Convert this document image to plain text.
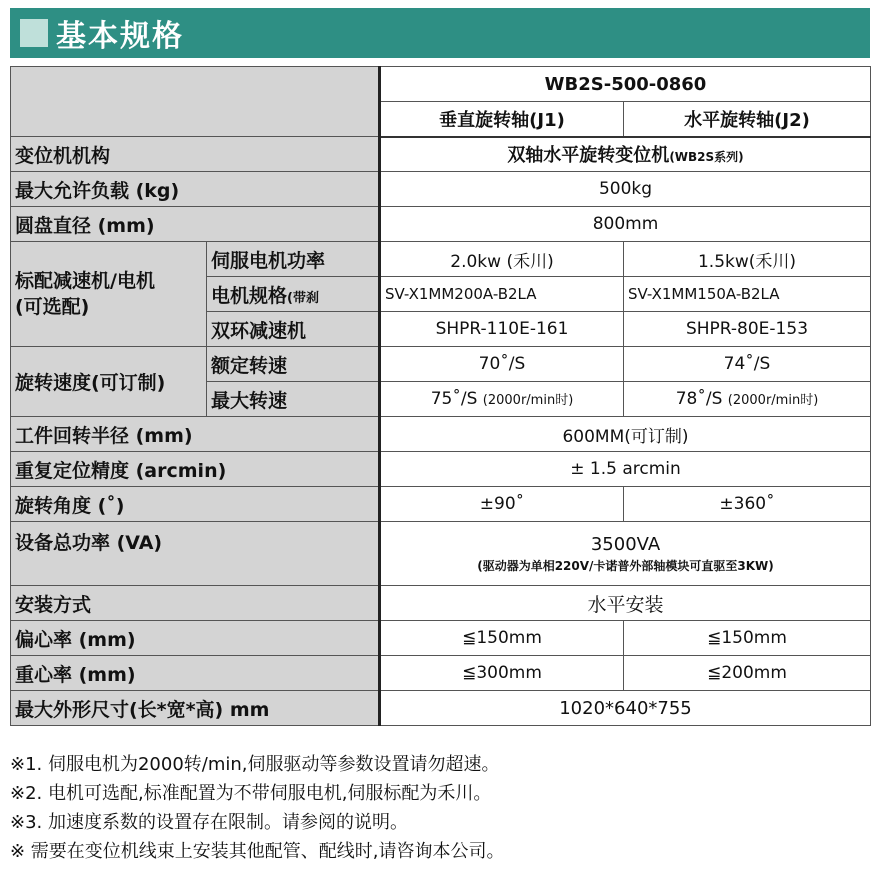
基本规格
		WB2S-500-0860	
		垂直旋转轴(J1)	水平旋转轴(J2)
变位机机构		双轴水平旋转变位机(WB2S系列)	
最大允许负载 (kg)		500kg	
圆盘直径 (mm)		800mm	

标配减速机/电机
(可选配)	伺服电机功率	2.0kw (禾川)	1.5kw(禾川)
	电机规格(带刹	SV-X1MM200A-B2LA	SV-X1MM150A-B2LA
	双环减速机	SHPR-110E-161	SHPR-80E-153
旋转速度(可订制)	额定转速	70˚/S	74˚/S
	最大转速	75˚/S (2000r/min时)	78˚/S (2000r/min时)
工件回转半径 (mm)		600MM(可订制)	
重复定位精度 (arcmin)		± 1.5 arcmin	
旋转角度 (˚)		±90˚	±360˚
设备总功率 (VA)		3500VA
(驱动器为单相220V/卡诺普外部轴模块可直驱至3KW)	

安装方式		水平安装	
偏心率 (mm)		≦150mm	≦150mm
重心率 (mm)		≦300mm	≦200mm
最大外形尺寸(长*宽*高) mm		1020*640*755	
※1. 伺服电机为2000转/min,伺服驱动等参数设置请勿超速。
※2. 电机可选配,标准配置为不带伺服电机,伺服标配为禾川。
※3. 加速度系数的设置存在限制。请参阅的说明。
※ 需要在变位机线束上安装其他配管、配线时,请咨询本公司。
